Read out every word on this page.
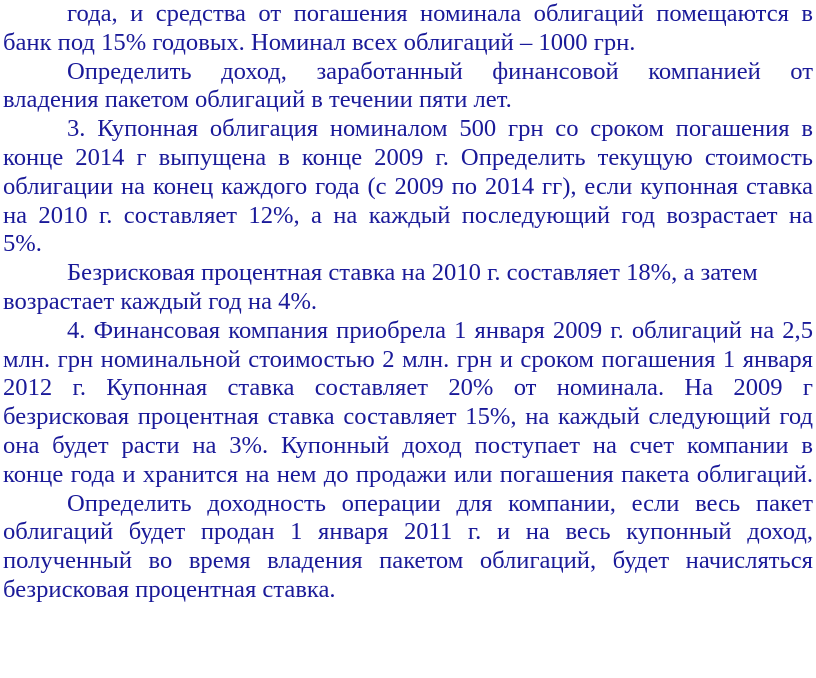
года, и средства от погашения номинала облигаций помещаются в
банк под 15% годовых. Номинал всех облигаций – 1000 грн.
Определить доход, заработанный финансовой компанией от
владения пакетом облигаций в течении пяти лет.
3. Купонная облигация номиналом 500 грн со сроком погашения в
конце 2014 г выпущена в конце 2009 г. Определить текущую стоимость
облигации на конец каждого года (с 2009 по 2014 гг), если купонная ставка
на 2010 г. составляет 12%, а на каждый последующий год возрастает на
5%.
Безрисковая процентная ставка на 2010 г. составляет 18%, а затем
возрастает каждый год на 4%.
4. Финансовая компания приобрела 1 января 2009 г. облигаций на 2,5
млн. грн номинальной стоимостью 2 млн. грн и сроком погашения 1 января
2012 г. Купонная ставка составляет 20% от номинала. На 2009 г
безрисковая процентная ставка составляет 15%, на каждый следующий год
она будет расти на 3%. Купонный доход поступает на счет компании в
конце года и хранится на нем до продажи или погашения пакета облигаций.
Определить доходность операции для компании, если весь пакет
облигаций будет продан 1 января 2011 г. и на весь купонный доход,
полученный во время владения пакетом облигаций, будет начисляться
безрисковая процентная ставка.
